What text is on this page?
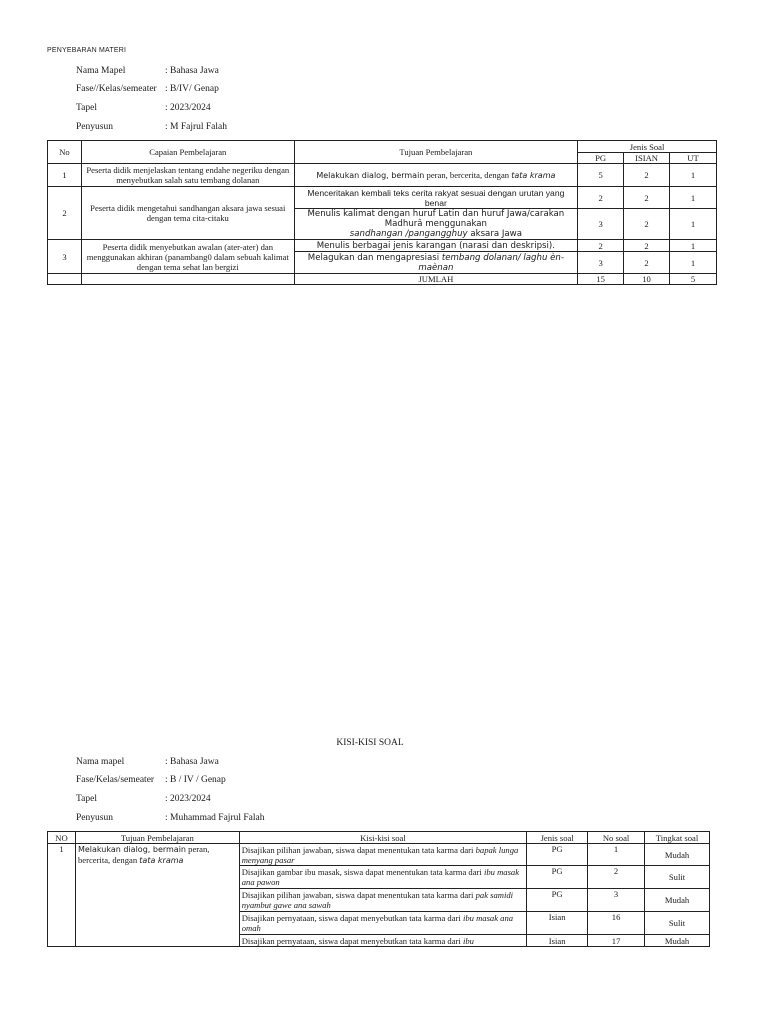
PENYEBARAN MATERI
Nama Mapel	: Bahasa Jawa
Fase//Kelas/semeater : B/IV/ Genap
Tapel	: 2023/2024
Penyusun	: M Fajrul Falah
No	Capaian Pembelajaran	Tujuan Pembelajaran	Jenis Soal		
			PG	ISIAN	UT
1	Peserta didik menjelaskan tentang endahe negeriku dengan menyebutkan salah satu tembang dolanan	Melakukan dialog, bermain peran, bercerita, dengan tata krama	5	2	1
2	Peserta didik mengetahui sandhangan aksara jawa sesuai dengan tema cita-citaku	Menceritakan kembali teks cerita rakyat sesuai dengan urutan yang benar	2	2	1
		Menulis kalimat dengan huruf Latin dan huruf Jawa/carakan Madhurâ menggunakan
sandhangan /pangangghuy aksara Jawa	3	2	1
3	Peserta didik menyebutkan awalan (ater-ater) dan menggunakan akhiran (panambang0 dalam sebuah kalimat dengan tema sehat lan bergizi	Menulis berbagai jenis karangan (narasi dan deskripsi).	2	2	1
		Melagukan dan mengapresiasi tembang dolanan/ laghu èn-maènan	3	2	1
		JUMLAH	15	10	5
KISI-KISI SOAL
Nama mapel	: Bahasa Jawa
Fase/Kelas/semeater : B / IV / Genap
Tapel	: 2023/2024
Penyusun	: Muhammad Fajrul Falah
NO	Tujuan Pembelajaran	Kisi-kisi soal	Jenis soal	No soal	Tingkat soal
1	Melakukan dialog, bermain peran, bercerita, dengan tata krama	Disajikan pilihan jawaban, siswa dapat menentukan tata karma dari bapak lunga menyang pasar	PG	1	Mudah
		Disajikan gambar ibu masak, siswa dapat menentukan tata karma dari ibu masak ana pawon	PG	2	Sulit
		Disajikan pilihan jawaban, siswa dapat menentukan tata karma dari pak samidi nyambut gawe ana sawah	PG	3	Mudah
		Disajikan pernyataan, siswa dapat menyebutkan tata karma dari ibu masak ana omah	Isian	16	Sulit
		Disajikan pernyataan, siswa dapat menyebutkan tata karma dari ibu	Isian	17	Mudah
